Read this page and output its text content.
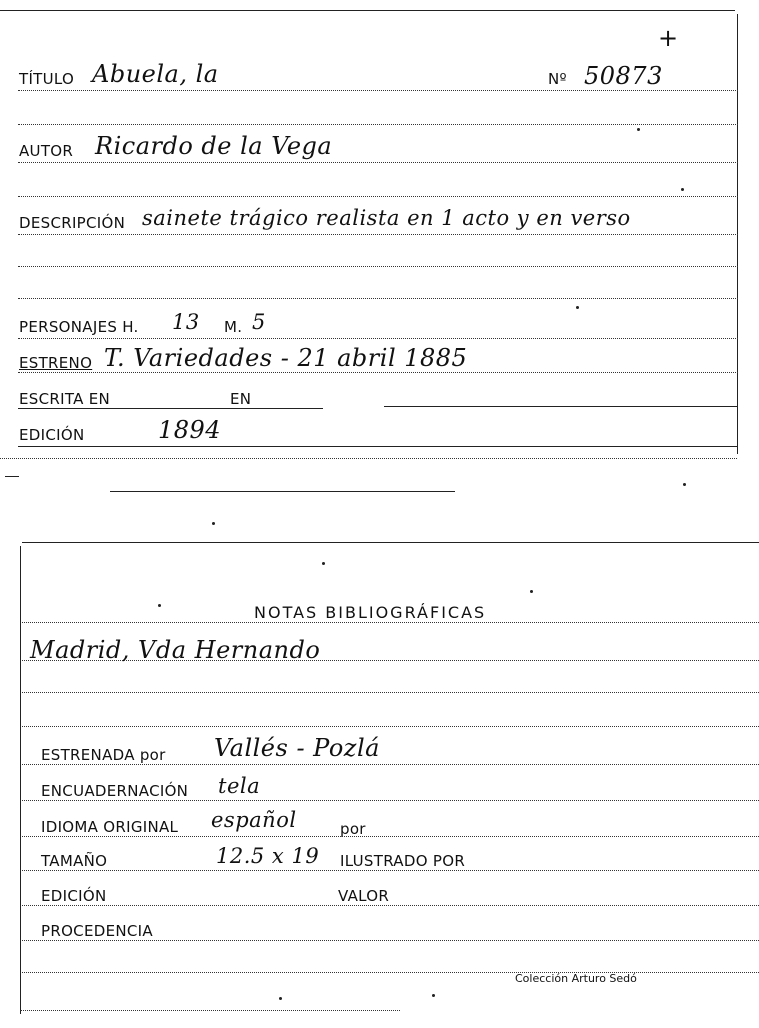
+
TÍTULO Abuela, la	Nº 50873
AUTOR Ricardo de la Vega
DESCRIPCIÓN sainete trágico realista en 1 acto y en verso
PERSONAJES H. 13 M. 5
ESTRENO T. Variedades - 21 abril 1885
ESCRITA EN	EN
EDICIÓN	1894
NOTAS BIBLIOGRÁFICAS
Madrid, Vda Hernando
ESTRENADA por Vallés - Pozlá
ENCUADERNACIÓN tela
IDIOMA ORIGINAL español	por
TAMAÑO	12.5 x 19 ILUSTRADO POR
EDICIÓN	VALOR
PROCEDENCIA
Colección Arturo Sedó
